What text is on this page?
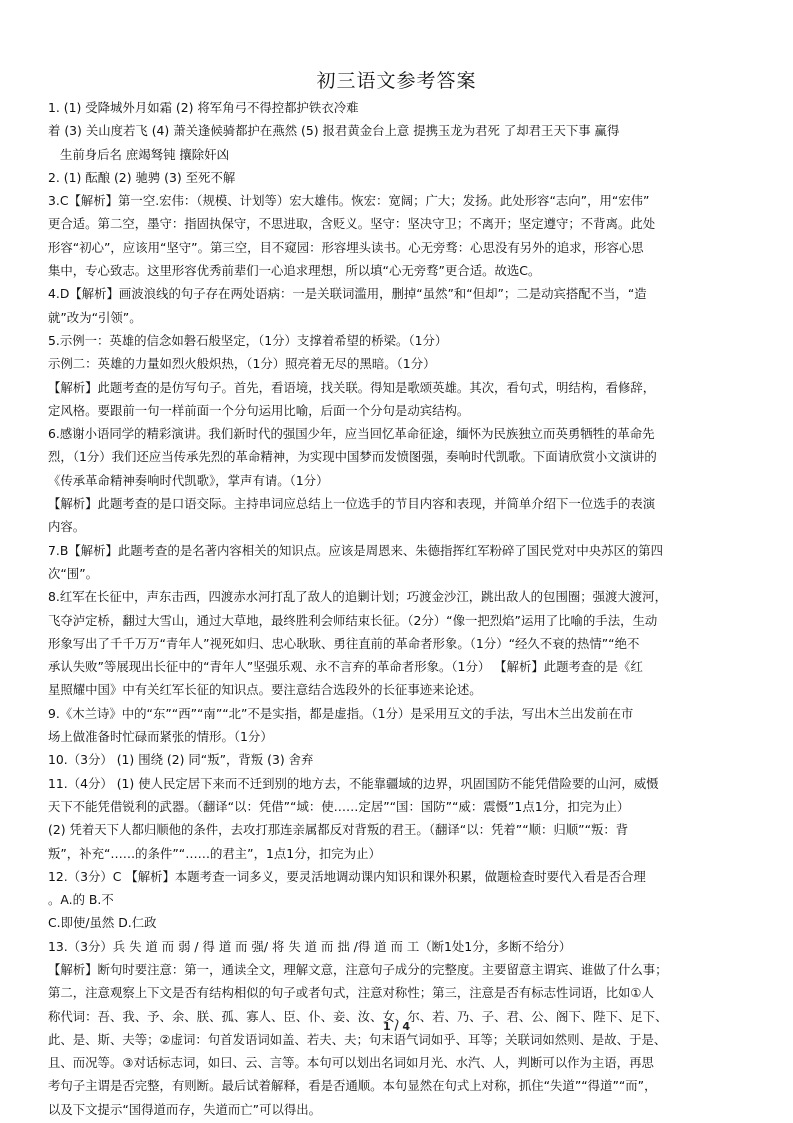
初三语文参考答案
1. (1) 受降城外月如霜 (2) 将军角弓不得控都护铁衣冷难
着 (3) 关山度若飞 (4) 萧关逢候骑都护在燕然 (5) 报君黄金台上意 提携玉龙为君死 了却君王天下事 赢得
生前身后名 庶竭驽钝 攘除奸凶
2. (1) 酝酿 (2) 驰骋 (3) 至死不解
3.C【解析】第一空.宏伟：（规模、计划等）宏大雄伟。恢宏：宽阔；广大；发扬。此处形容“志向”，用“宏伟”
更合适。第二空，墨守：指固执保守，不思进取，含贬义。坚守：坚决守卫；不离开；坚定遵守；不背离。此处
形容“初心”，应该用“坚守”。第三空，目不窥园：形容埋头读书。心无旁骛：心思没有另外的追求，形容心思
集中，专心致志。这里形容优秀前辈们一心追求理想，所以填“心无旁骛”更合适。故选C。
4.D【解析】画波浪线的句子存在两处语病：一是关联词滥用，删掉“虽然”和“但却”；二是动宾搭配不当，“造
就”改为“引领”。
5.示例一：英雄的信念如磐石般坚定，（1分）支撑着希望的桥梁。（1分）
示例二：英雄的力量如烈火般炽热，（1分）照亮着无尽的黑暗。（1分）
【解析】此题考查的是仿写句子。首先，看语境，找关联。得知是歌颂英雄。其次，看句式，明结构，看修辞，
定风格。要跟前一句一样前面一个分句运用比喻，后面一个分句是动宾结构。
6.感谢小语同学的精彩演讲。我们新时代的强国少年，应当回忆革命征途，缅怀为民族独立而英勇牺牲的革命先
烈，（1分）我们还应当传承先烈的革命精神，为实现中国梦而发愤图强，奏响时代凯歌。下面请欣赏小文演讲的
《传承革命精神奏响时代凯歌》，掌声有请。（1分）
【解析】此题考查的是口语交际。主持串词应总结上一位选手的节目内容和表现，并简单介绍下一位选手的表演
内容。
7.B【解析】此题考查的是名著内容相关的知识点。应该是周恩来、朱德指挥红军粉碎了国民党对中央苏区的第四
次“围”。
8.红军在长征中，声东击西，四渡赤水河打乱了敌人的追剿计划；巧渡金沙江，跳出敌人的包围圈；强渡大渡河，
飞夺泸定桥，翻过大雪山，通过大草地，最终胜利会师结束长征。（2分）“像一把烈焰”运用了比喻的手法，生动
形象写出了千千万万“青年人”视死如归、忠心耿耿、勇往直前的革命者形象。（1分）“经久不衰的热情”“绝不
承认失败”等展现出长征中的“青年人”坚强乐观、永不言弃的革命者形象。（1分） 【解析】此题考查的是《红
星照耀中国》中有关红军长征的知识点。要注意结合选段外的长征事迹来论述。
9.《木兰诗》中的“东”“西”“南”“北”不是实指，都是虚指。（1分）是采用互文的手法，写出木兰出发前在市
场上做准备时忙碌而紧张的情形。（1分）
10.（3分） (1) 围绕 (2) 同“叛”，背叛 (3) 舍弃
11.（4分） (1) 使人民定居下来而不迁到别的地方去，不能靠疆域的边界，巩固国防不能凭借险要的山河，威慑
天下不能凭借锐利的武器。（翻译“以：凭借”“域：使……定居”“国：国防”“威：震慑”1点1分，扣完为止）
(2) 凭着天下人都归顺他的条件，去攻打那连亲属都反对背叛的君王。（翻译“以：凭着”“顺：归顺”“叛：背
叛”，补充“……的条件”“……的君主”，1点1分，扣完为止）
12.（3分）C 【解析】本题考查一词多义，要灵活地调动课内知识和课外积累，做题检查时要代入看是否合理
。A.的 B.不
C.即使/虽然 D.仁政
13.（3分）兵 失 道 而 弱 / 得 道 而 强/ 将 失 道 而 拙 /得 道 而 工（断1处1分，多断不给分）
【解析】断句时要注意：第一，通读全文，理解文意，注意句子成分的完整度。主要留意主谓宾、谁做了什么事；
第二，注意观察上下文是否有结构相似的句子或者句式，注意对称性；第三，注意是否有标志性词语，比如①人
称代词：吾、我、予、余、朕、孤、寡人、臣、仆、妾、汝、女、尔、若、乃、子、君、公、阁下、陛下、足下、
此、是、斯、夫等；②虚词：句首发语词如盖、若夫、夫；句末语气词如乎、耳等；关联词如然则、是故、于是、
且、而况等。③对话标志词，如曰、云、言等。本句可以划出名词如月光、水汽、人，判断可以作为主语，再思
考句子主谓是否完整，有则断。最后试着解释，看是否通顺。本句显然在句式上对称，抓住“失道”“得道”“而”，
以及下文提示“国得道而存，失道而亡”可以得出。
1 / 4
